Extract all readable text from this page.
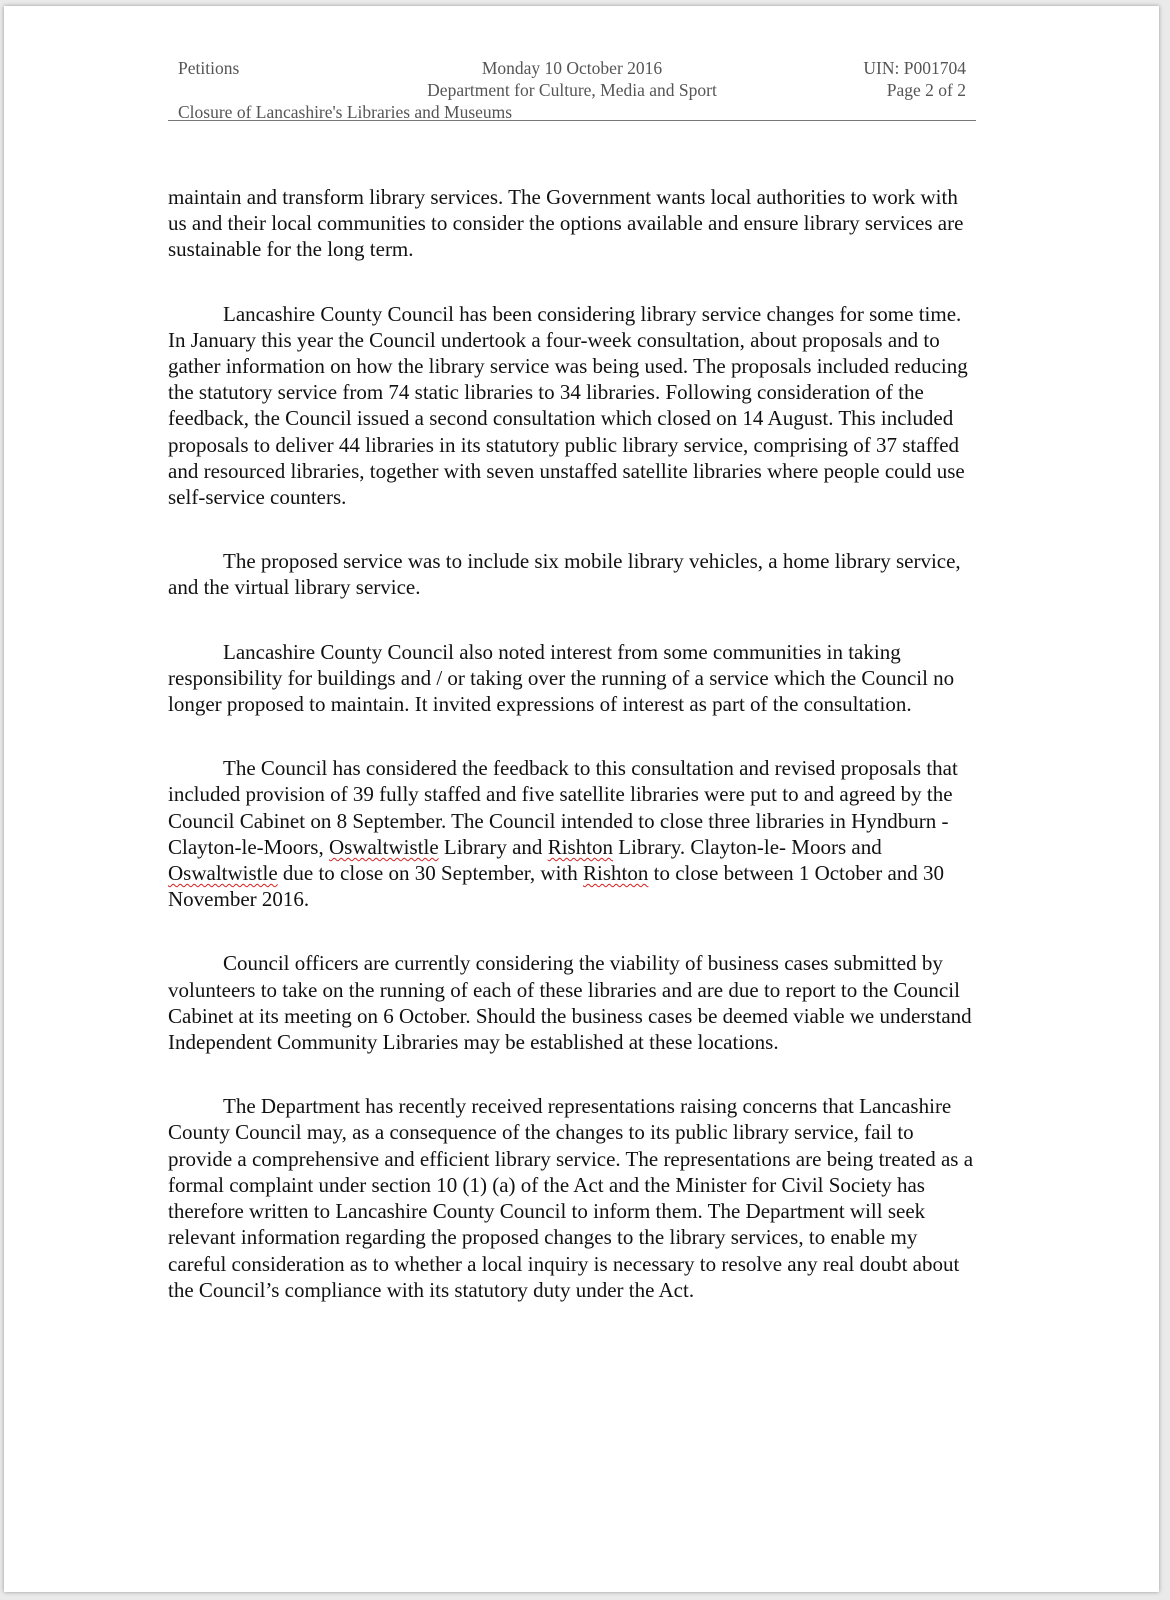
Petitions
Closure of Lancashire's Libraries and Museums
Monday 10 October 2016
Department for Culture, Media and Sport
UIN: P001704
Page 2 of 2

maintain and transform library services. The Government wants local authorities to work with us and their local communities to consider the options available and ensure library services are sustainable for the long term.

Lancashire County Council has been considering library service changes for some time. In January this year the Council undertook a four-week consultation, about proposals and to gather information on how the library service was being used. The proposals included reducing the statutory service from 74 static libraries to 34 libraries. Following consideration of the feedback, the Council issued a second consultation which closed on 14 August. This included proposals to deliver 44 libraries in its statutory public library service, comprising of 37 staffed and resourced libraries, together with seven unstaffed satellite libraries where people could use self-service counters.

The proposed service was to include six mobile library vehicles, a home library service, and the virtual library service.

Lancashire County Council also noted interest from some communities in taking responsibility for buildings and / or taking over the running of a service which the Council no longer proposed to maintain. It invited expressions of interest as part of the consultation.

The Council has considered the feedback to this consultation and revised proposals that included provision of 39 fully staffed and five satellite libraries were put to and agreed by the Council Cabinet on 8 September. The Council intended to close three libraries in Hyndburn - Clayton-le-Moors, Oswaltwistle Library and Rishton Library. Clayton-le- Moors and Oswaltwistle due to close on 30 September, with Rishton to close between 1 October and 30 November 2016.

Council officers are currently considering the viability of business cases submitted by volunteers to take on the running of each of these libraries and are due to report to the Council Cabinet at its meeting on 6 October. Should the business cases be deemed viable we understand Independent Community Libraries may be established at these locations.

The Department has recently received representations raising concerns that Lancashire County Council may, as a consequence of the changes to its public library service, fail to provide a comprehensive and efficient library service. The representations are being treated as a formal complaint under section 10 (1) (a) of the Act and the Minister for Civil Society has therefore written to Lancashire County Council to inform them. The Department will seek relevant information regarding the proposed changes to the library services, to enable my careful consideration as to whether a local inquiry is necessary to resolve any real doubt about the Council’s compliance with its statutory duty under the Act.
